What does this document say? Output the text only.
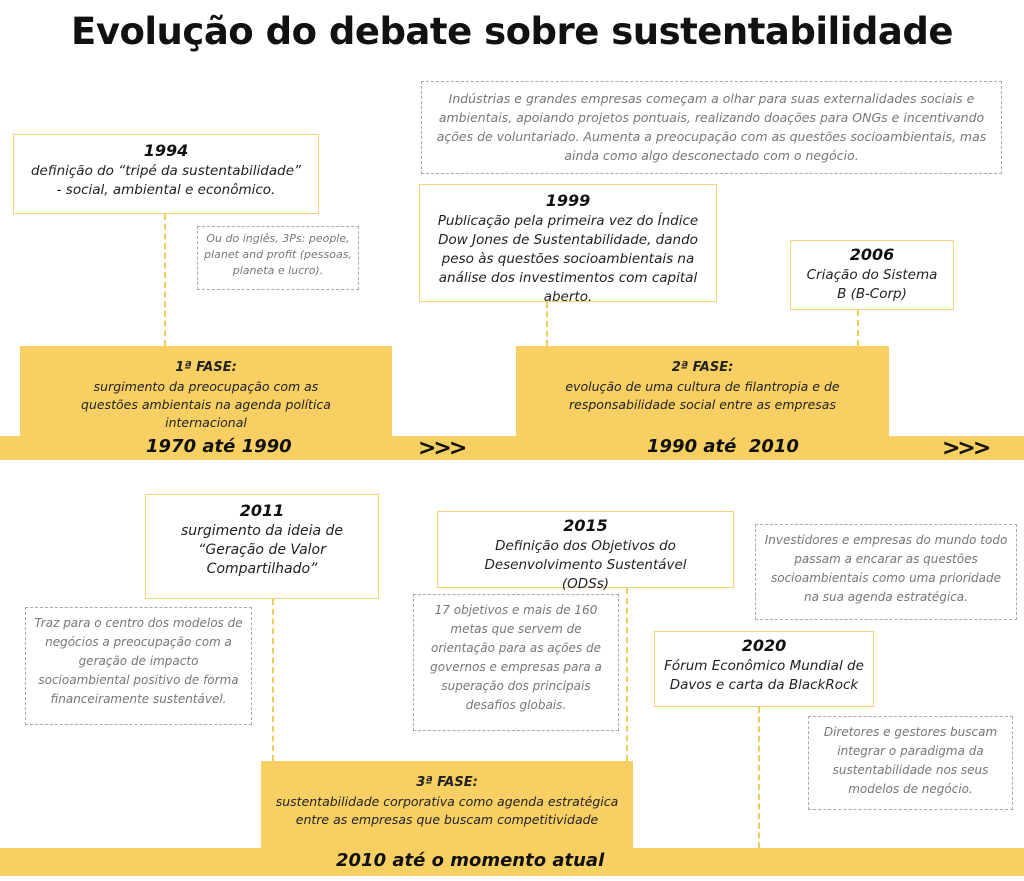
Evolução do debate sobre sustentabilidade
1ª FASE:
surgimento da preocupação com as questões ambientais na agenda política internacional
1970 até 1990	>>>
2ª FASE:
evolução de uma cultura de filantropia e de responsabilidade social entre as empresas
1990 até  2010	>>>
3ª FASE:
sustentabilidade corporativa como agenda estratégica entre as empresas que buscam competitividade
2010 até o momento atual
1994
definição do “tripé da sustentabilidade” - social, ambiental e econômico.
1999
Publicação pela primeira vez do Índice Dow Jones de Sustentabilidade, dando peso às questões socioambientais na análise dos investimentos com capital aberto.
2006
Criação do Sistema B (B-Corp)
2011
surgimento da ideia de “Geração de Valor Compartilhado”
2015
Definição dos Objetivos do Desenvolvimento Sustentável (ODSs)
2020
Fórum Econômico Mundial de Davos e carta da BlackRock
Indústrias e grandes empresas começam a olhar para suas externalidades sociais e ambientais, apoiando projetos pontuais, realizando doações para ONGs e incentivando ações de voluntariado. Aumenta a preocupação com as questões socioambientais, mas ainda como algo desconectado com o negócio.
Ou do inglês, 3Ps: people, planet and profit (pessoas, planeta e lucro).
Traz para o centro dos modelos de negócios a preocupação com a geração de impacto socioambiental positivo de forma financeiramente sustentável.
17 objetivos e mais de 160 metas que servem de orientação para as ações de governos e empresas para a superação dos principais desafios globais.
Investidores e empresas do mundo todo passam a encarar as questões socioambientais como uma prioridade na sua agenda estratégica.
Diretores e gestores buscam integrar o paradigma da sustentabilidade nos seus modelos de negócio.
